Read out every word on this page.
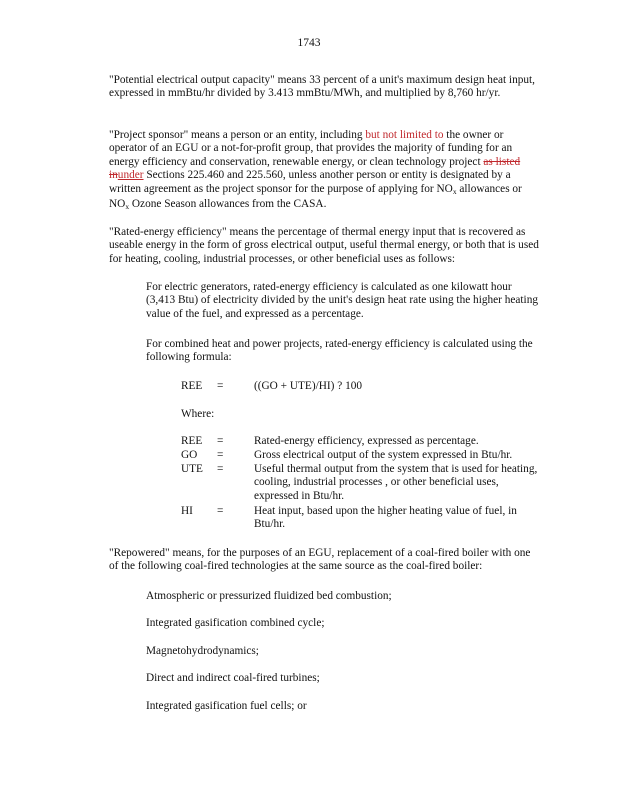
1743

"Potential electrical output capacity" means 33 percent of a unit's maximum design heat input, expressed in mmBtu/hr divided by 3.413 mmBtu/MWh, and multiplied by 8,760 hr/yr.

"Project sponsor" means a person or an entity, including but not limited to the owner or operator of an EGU or a not-for-profit group, that provides the majority of funding for an energy efficiency and conservation, renewable energy, or clean technology project as listed inunder Sections 225.460 and 225.560, unless another person or entity is designated by a written agreement as the project sponsor for the purpose of applying for $NO_x$ allowances or $NO_x$ Ozone Season allowances from the CASA.

"Rated-energy efficiency" means the percentage of thermal energy input that is recovered as useable energy in the form of gross electrical output, useful thermal energy, or both that is used for heating, cooling, industrial processes, or other beneficial uses as follows:

For electric generators, rated-energy efficiency is calculated as one kilowatt hour (3,413 Btu) of electricity divided by the unit's design heat rate using the higher heating value of the fuel, and expressed as a percentage.

For combined heat and power projects, rated-energy efficiency is calculated using the following formula:

REE =	((GO + UTE)/HI) ? 100
Where:
REE =	Rated-energy efficiency, expressed as percentage.
GO =	Gross electrical output of the system expressed in Btu/hr.
UTE =	Useful thermal output from the system that is used for heating, cooling, industrial processes , or other beneficial uses, expressed in Btu/hr.
HI =	Heat input, based upon the higher heating value of fuel, in Btu/hr.

"Repowered" means, for the purposes of an EGU, replacement of a coal-fired boiler with one of the following coal-fired technologies at the same source as the coal-fired boiler:

Atmospheric or pressurized fluidized bed combustion;

Integrated gasification combined cycle;

Magnetohydrodynamics;

Direct and indirect coal-fired turbines;

Integrated gasification fuel cells; or
